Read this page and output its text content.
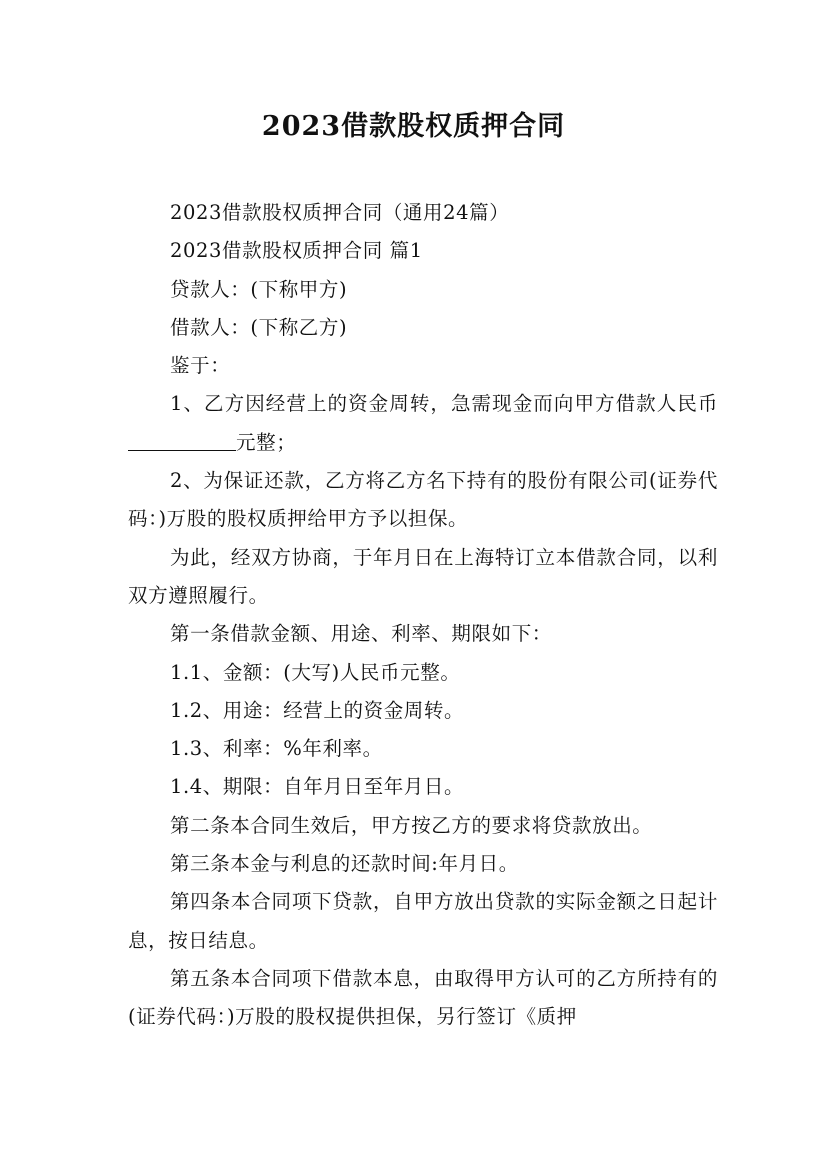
2023借款股权质押合同

2023借款股权质押合同（通用24篇）

2023借款股权质押合同 篇1

贷款人：(下称甲方)

借款人：(下称乙方)

鉴于：

1、乙方因经营上的资金周转，急需现金而向甲方借款人民币元整；

2、为保证还款，乙方将乙方名下持有的股份有限公司(证券代码：)万股的股权质押给甲方予以担保。

为此，经双方协商，于年月日在上海特订立本借款合同，以利双方遵照履行。

第一条借款金额、用途、利率、期限如下：

1.1、金额：(大写)人民币元整。

1.2、用途：经营上的资金周转。

1.3、利率：%年利率。

1.4、期限：自年月日至年月日。

第二条本合同生效后，甲方按乙方的要求将贷款放出。

第三条本金与利息的还款时间:年月日。

第四条本合同项下贷款，自甲方放出贷款的实际金额之日起计息，按日结息。

第五条本合同项下借款本息，由取得甲方认可的乙方所持有的(证券代码：)万股的股权提供担保，另行签订《质押
